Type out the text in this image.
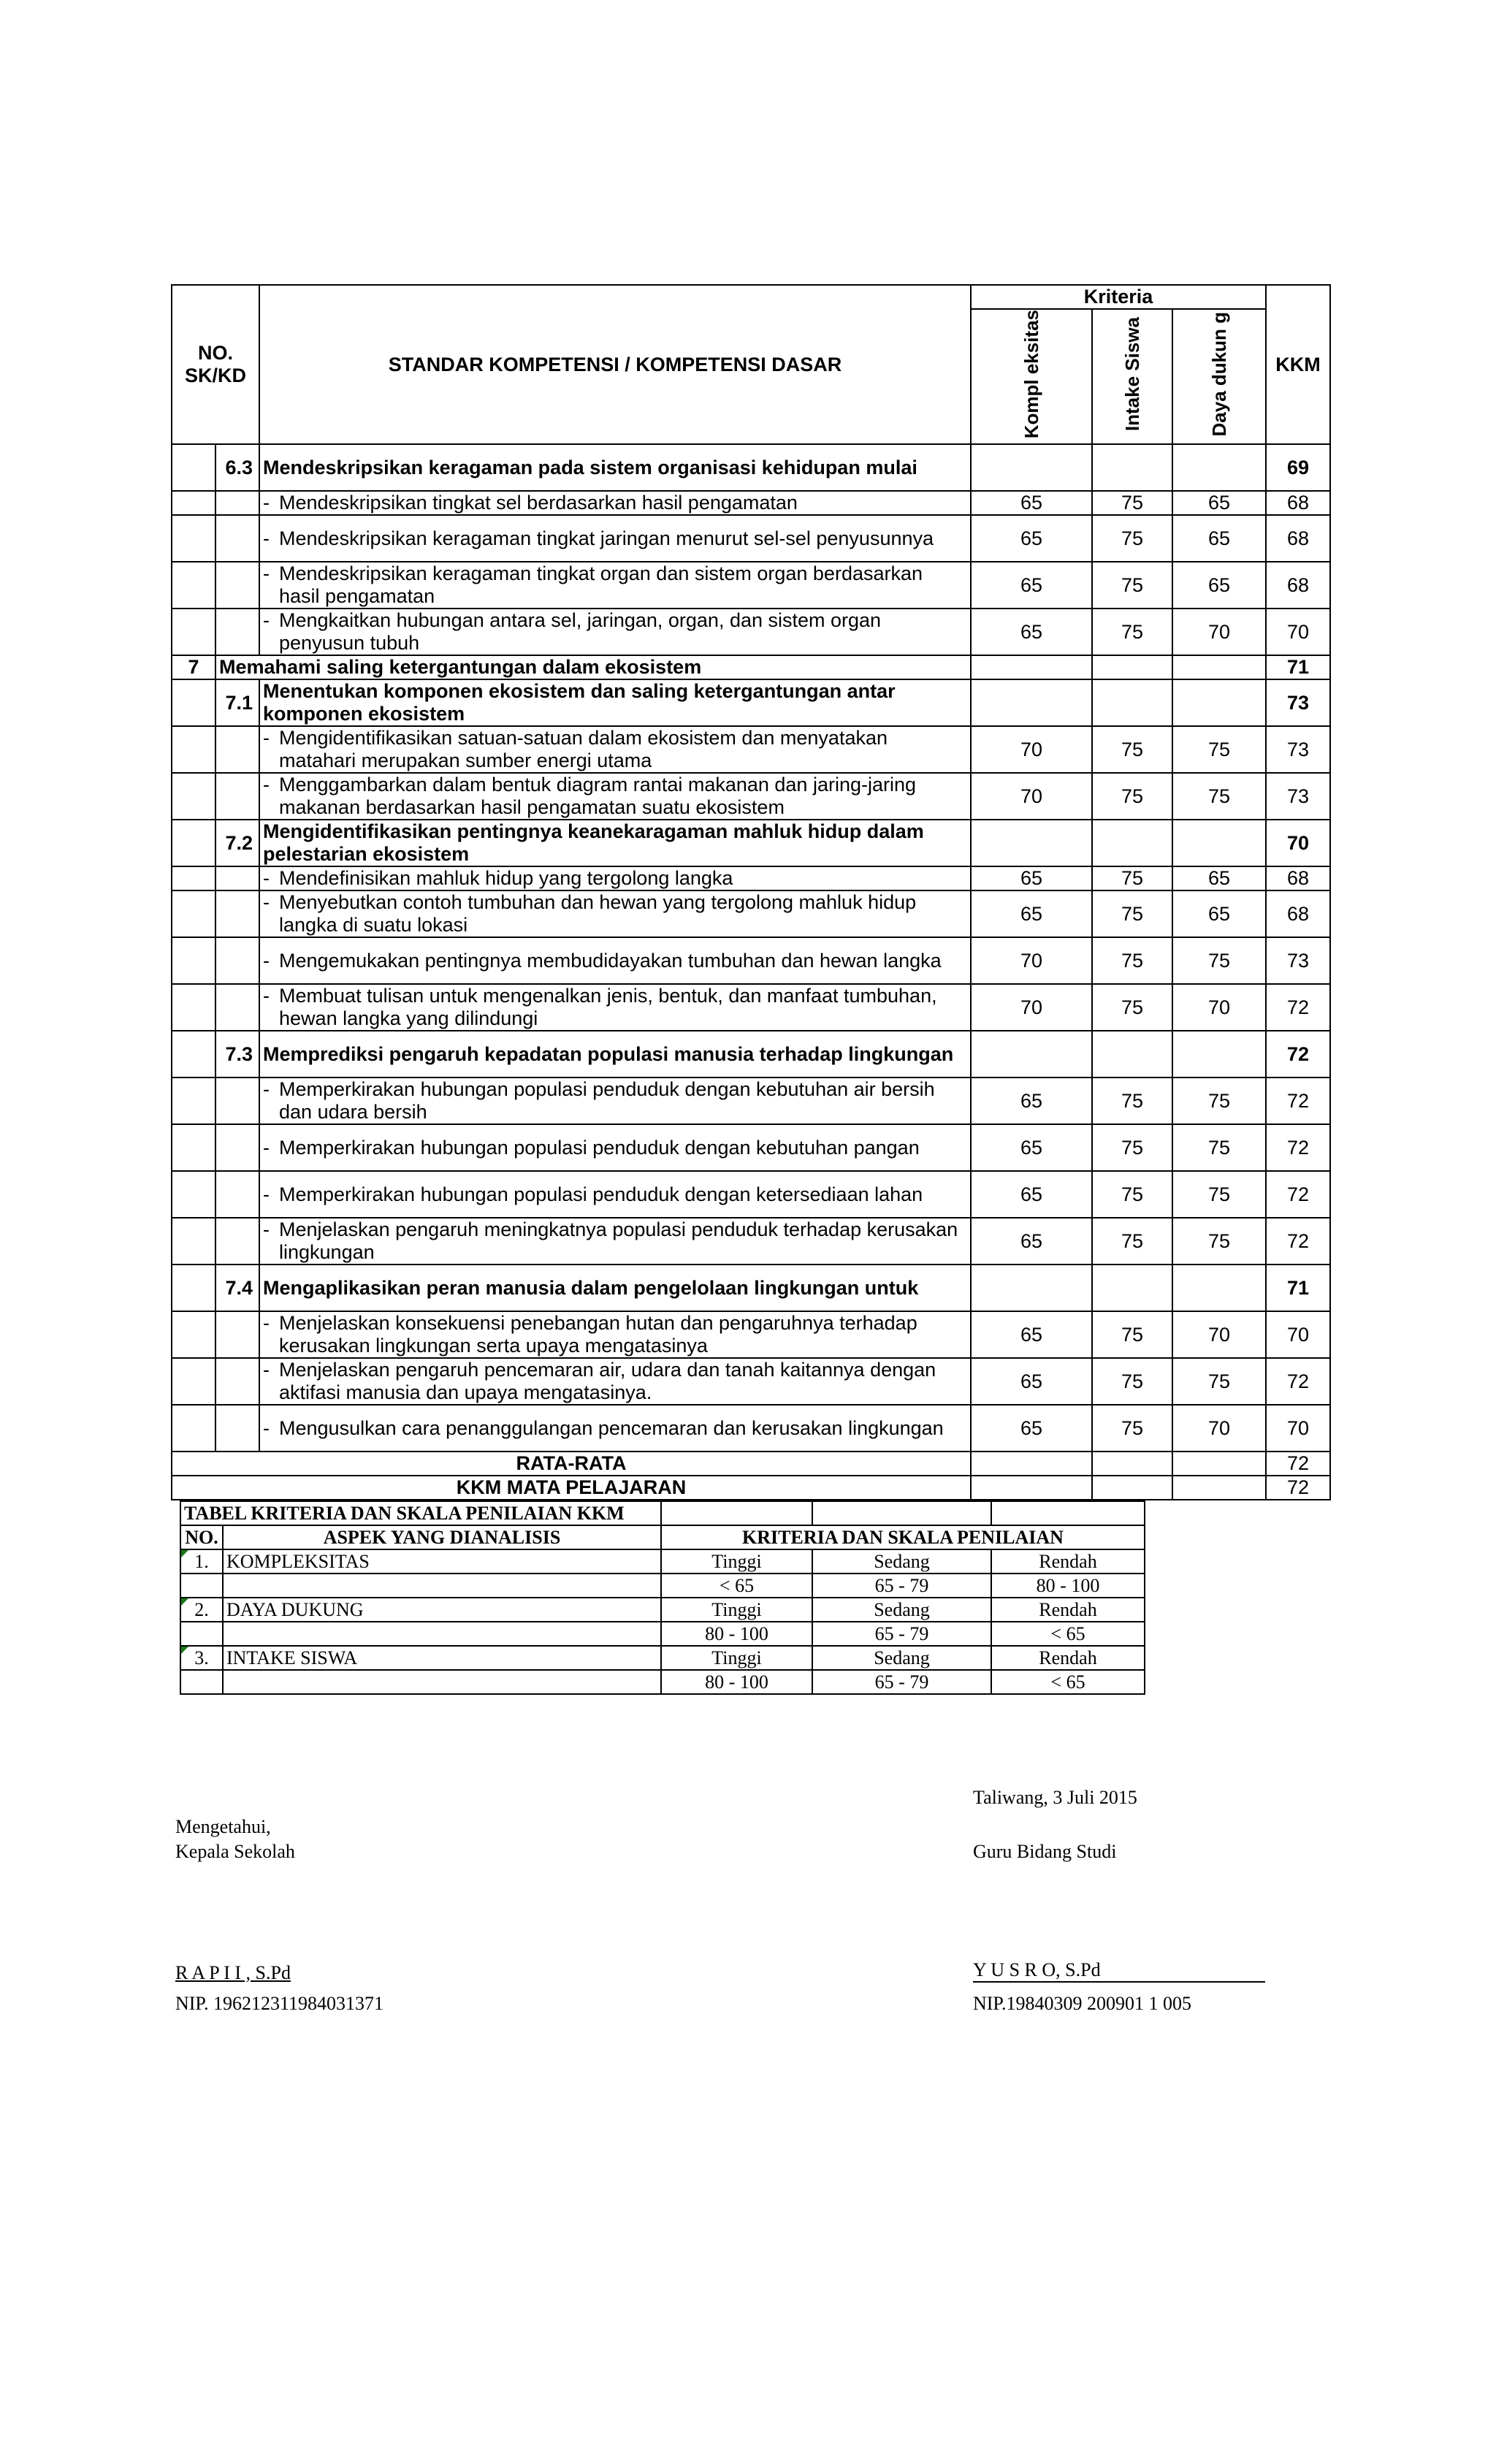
NO. SK/KD		STANDAR KOMPETENSI / KOMPETENSI DASAR	Kriteria			KKM
			Kompl eksitas	Intake Siswa	Daya dukun g	
	6.3	Mendeskripsikan keragaman pada sistem organisasi kehidupan mulai				69

		- Mendeskripsikan tingkat sel berdasarkan hasil pengamatan	65	75	65	68

		- Mendeskripsikan keragaman tingkat jaringan menurut sel-sel penyusunnya	65	75	65	68

		- Mendeskripsikan keragaman tingkat organ dan sistem organ berdasarkan hasil pengamatan	65	75	65	68

		- Mengkaitkan hubungan antara sel, jaringan, organ, dan sistem organ penyusun tubuh	65	75	70	70
7	Memahami saling ketergantungan dalam ekosistem					71
	7.1	Menentukan komponen ekosistem dan saling ketergantungan antar komponen ekosistem				73

		- Mengidentifikasikan satuan-satuan dalam ekosistem dan menyatakan matahari merupakan sumber energi utama	70	75	75	73

		- Menggambarkan dalam bentuk diagram rantai makanan dan jaring-jaring makanan berdasarkan hasil pengamatan suatu ekosistem	70	75	75	73
	7.2	Mengidentifikasikan pentingnya keanekaragaman mahluk hidup dalam pelestarian ekosistem				70

		- Mendefinisikan mahluk hidup yang tergolong langka	65	75	65	68

		- Menyebutkan contoh tumbuhan dan hewan yang tergolong mahluk hidup langka di suatu lokasi	65	75	65	68

		- Mengemukakan pentingnya membudidayakan tumbuhan dan hewan langka	70	75	75	73

		- Membuat tulisan untuk mengenalkan jenis, bentuk, dan manfaat tumbuhan, hewan langka yang dilindungi	70	75	70	72
	7.3	Memprediksi pengaruh kepadatan populasi manusia terhadap lingkungan				72

		- Memperkirakan hubungan populasi penduduk dengan kebutuhan air bersih dan udara bersih	65	75	75	72

		- Memperkirakan hubungan populasi penduduk dengan kebutuhan pangan	65	75	75	72

		- Memperkirakan hubungan populasi penduduk dengan ketersediaan lahan	65	75	75	72

		- Menjelaskan pengaruh meningkatnya populasi penduduk terhadap kerusakan lingkungan	65	75	75	72
	7.4	Mengaplikasikan peran manusia dalam pengelolaan lingkungan untuk				71

		- Menjelaskan konsekuensi penebangan hutan dan pengaruhnya terhadap kerusakan lingkungan serta upaya mengatasinya	65	75	70	70

		- Menjelaskan pengaruh pencemaran air, udara dan tanah kaitannya dengan aktifasi manusia dan upaya mengatasinya.	65	75	75	72

		- Mengusulkan cara penanggulangan pencemaran dan kerusakan lingkungan	65	75	70	70
RATA-RATA						72
KKM MATA PELAJARAN						72
TABEL KRITERIA DAN SKALA PENILAIAN KKM				
NO.	ASPEK YANG DIANALISIS	KRITERIA DAN SKALA PENILAIAN		
1.	KOMPLEKSITAS	Tinggi	Sedang	Rendah
		< 65	65 - 79	80 - 100
2.	DAYA DUKUNG	Tinggi	Sedang	Rendah
		80 - 100	65 - 79	< 65
3.	INTAKE SISWA	Tinggi	Sedang	Rendah
		80 - 100	65 - 79	< 65
Taliwang, 3 Juli 2015
Mengetahui,
Kepala Sekolah	Guru Bidang Studi
R A P I I , S.Pd
NIP. 196212311984031371
Y U S R O, S.Pd
NIP.19840309 200901 1 005
